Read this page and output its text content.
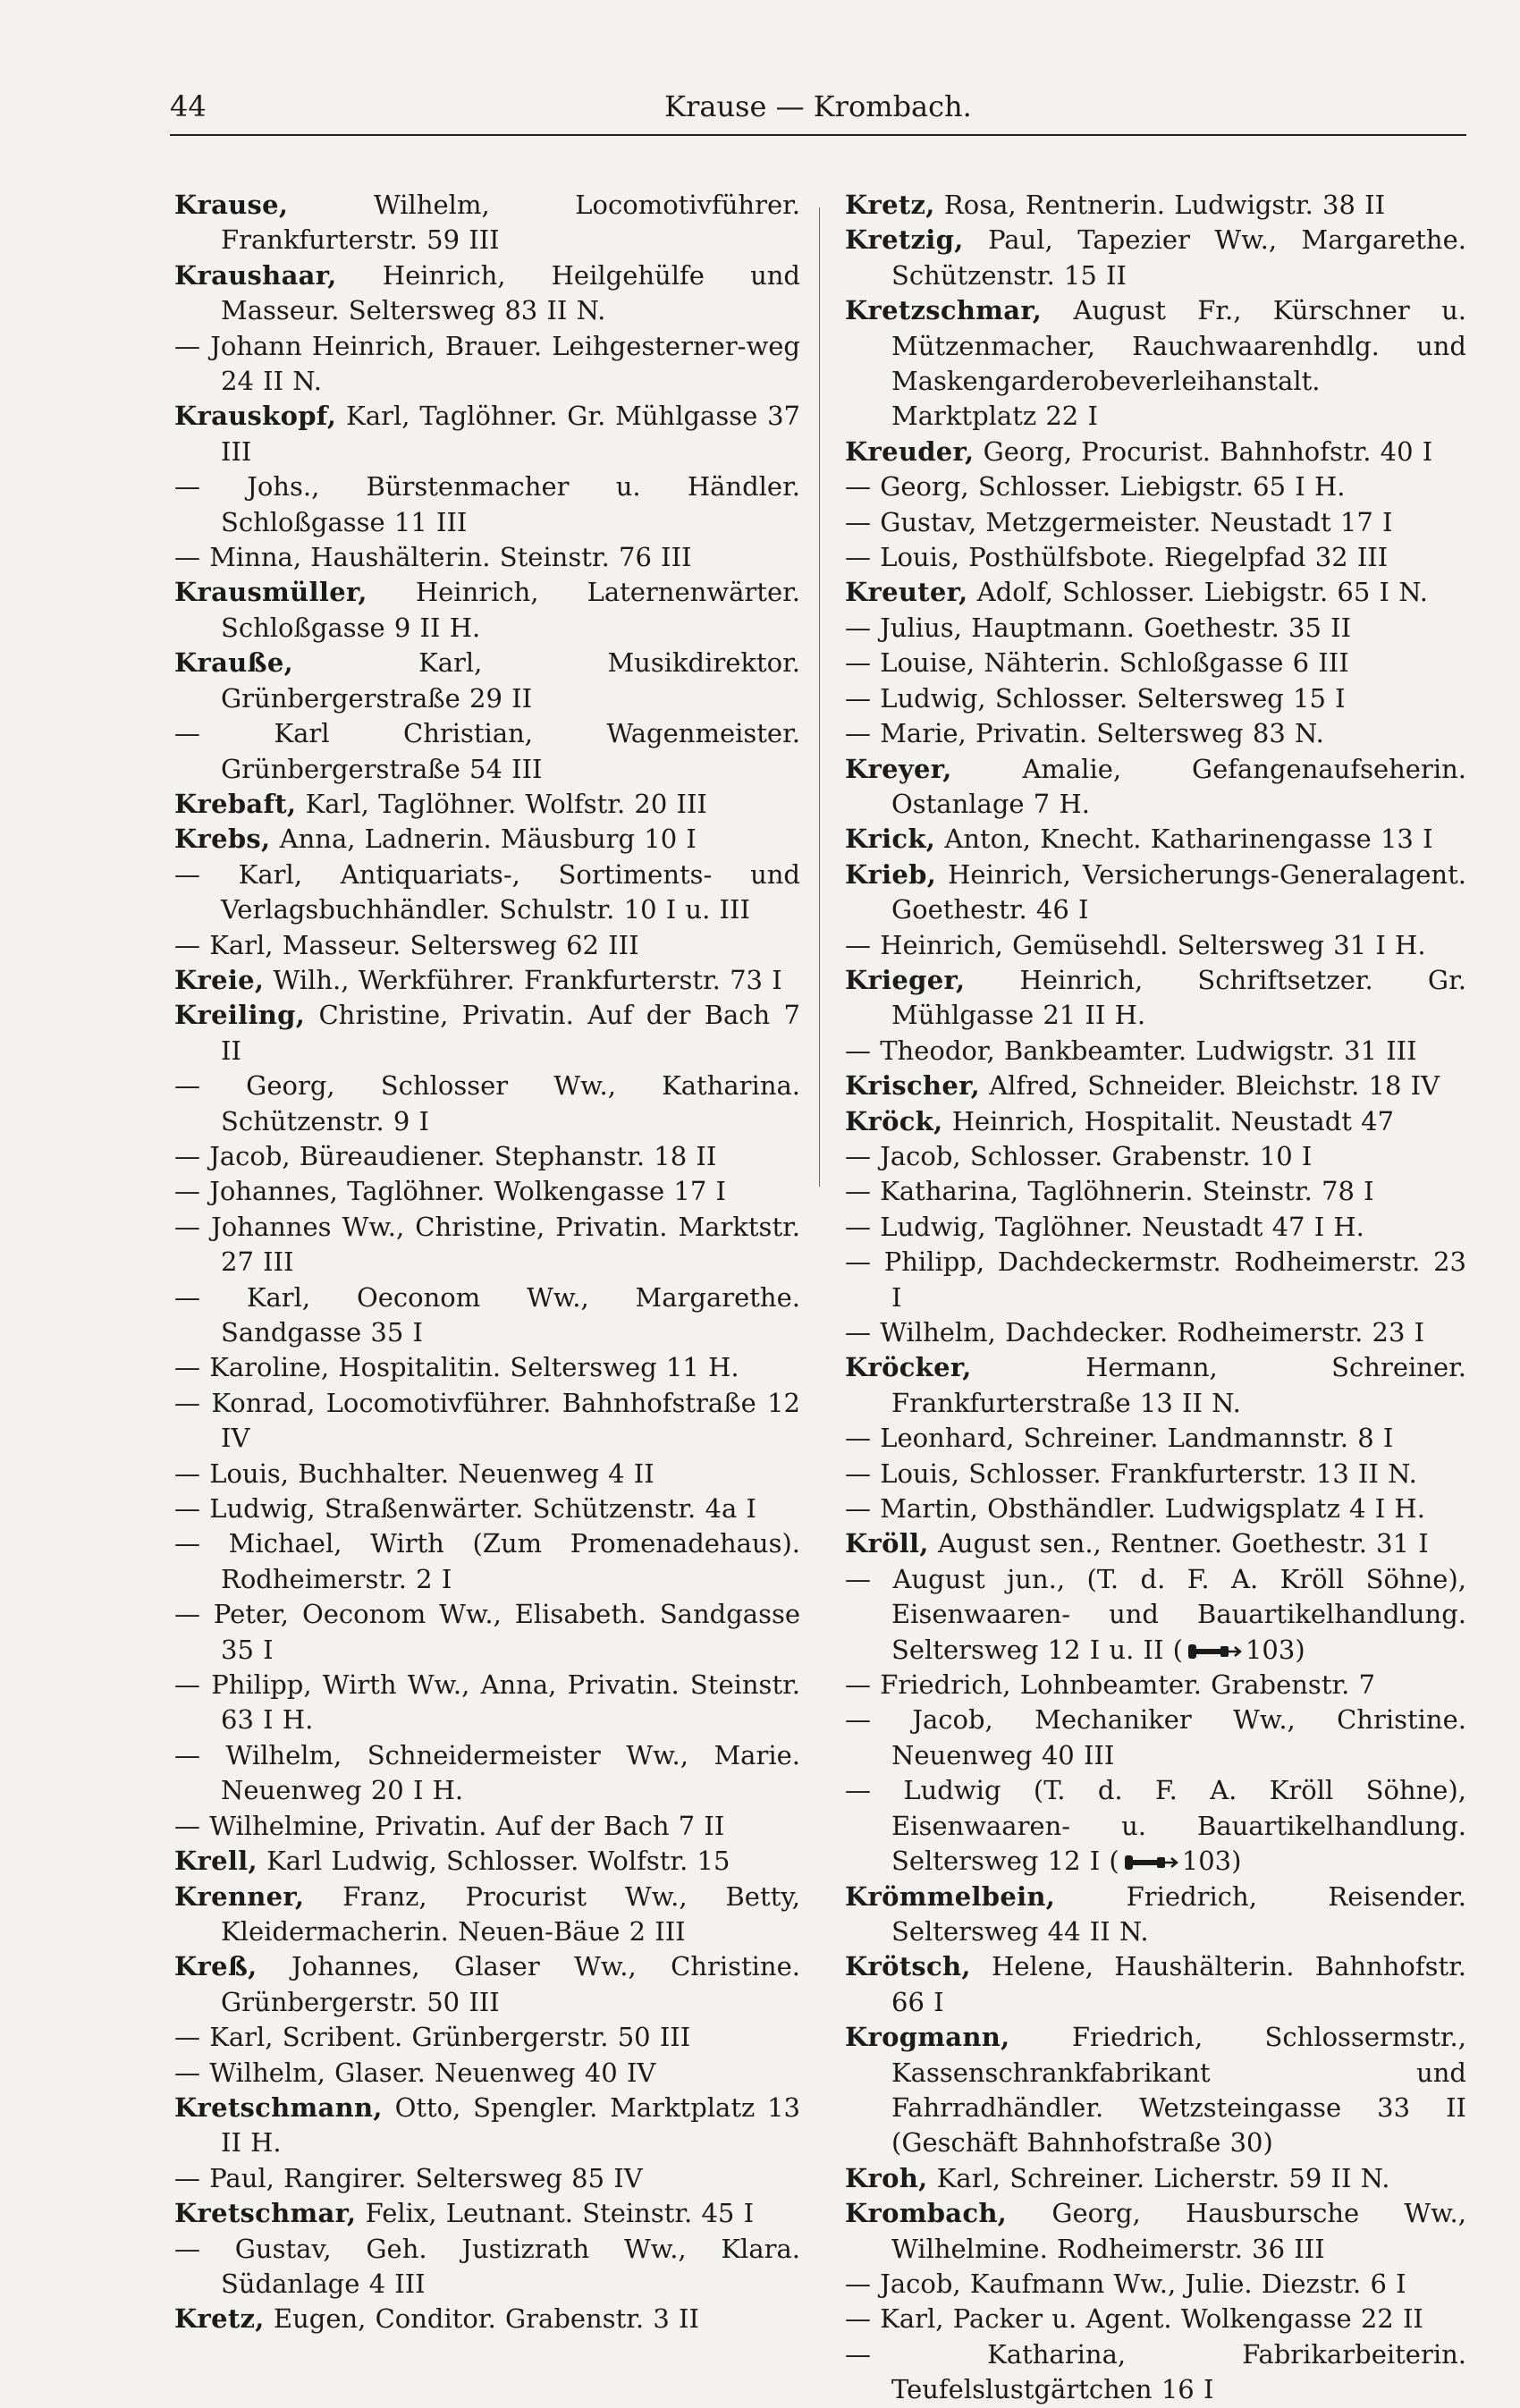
44	Krause — Krombach.

Krause, Wilhelm, Locomotivführer. Frankfurterstr. 59 III

Kraushaar, Heinrich, Heilgehülfe und Masseur. Seltersweg 83 II N.

— Johann Heinrich, Brauer. Leihgesterner-weg 24 II N.

Krauskopf, Karl, Taglöhner. Gr. Mühlgasse 37 III

— Johs., Bürstenmacher u. Händler. Schloßgasse 11 III

— Minna, Haushälterin. Steinstr. 76 III

Krausmüller, Heinrich, Laternenwärter. Schloßgasse 9 II H.

Krauße, Karl, Musikdirektor. Grünbergerstraße 29 II

— Karl Christian, Wagenmeister. Grünbergerstraße 54 III

Krebaft, Karl, Taglöhner. Wolfstr. 20 III

Krebs, Anna, Ladnerin. Mäusburg 10 I

— Karl, Antiquariats-, Sortiments- und Verlagsbuchhändler. Schulstr. 10 I u. III

— Karl, Masseur. Seltersweg 62 III

Kreie, Wilh., Werkführer. Frankfurterstr. 73 I

Kreiling, Christine, Privatin. Auf der Bach 7 II

— Georg, Schlosser Ww., Katharina. Schützenstr. 9 I

— Jacob, Büreaudiener. Stephanstr. 18 II

— Johannes, Taglöhner. Wolkengasse 17 I

— Johannes Ww., Christine, Privatin. Marktstr. 27 III

— Karl, Oeconom Ww., Margarethe. Sandgasse 35 I

— Karoline, Hospitalitin. Seltersweg 11 H.

— Konrad, Locomotivführer. Bahnhofstraße 12 IV

— Louis, Buchhalter. Neuenweg 4 II

— Ludwig, Straßenwärter. Schützenstr. 4a I

— Michael, Wirth (Zum Promenadehaus). Rodheimerstr. 2 I

— Peter, Oeconom Ww., Elisabeth. Sandgasse 35 I

— Philipp, Wirth Ww., Anna, Privatin. Steinstr. 63 I H.

— Wilhelm, Schneidermeister Ww., Marie. Neuenweg 20 I H.

— Wilhelmine, Privatin. Auf der Bach 7 II

Krell, Karl Ludwig, Schlosser. Wolfstr. 15

Krenner, Franz, Procurist Ww., Betty, Kleidermacherin. Neuen-Bäue 2 III

Kreß, Johannes, Glaser Ww., Christine. Grünbergerstr. 50 III

— Karl, Scribent. Grünbergerstr. 50 III

— Wilhelm, Glaser. Neuenweg 40 IV

Kretschmann, Otto, Spengler. Marktplatz 13 II H.

— Paul, Rangirer. Seltersweg 85 IV

Kretschmar, Felix, Leutnant. Steinstr. 45 I

— Gustav, Geh. Justizrath Ww., Klara. Südanlage 4 III

Kretz, Eugen, Conditor. Grabenstr. 3 II

Kretz, Rosa, Rentnerin. Ludwigstr. 38 II

Kretzig, Paul, Tapezier Ww., Margarethe. Schützenstr. 15 II

Kretzschmar, August Fr., Kürschner u. Mützenmacher, Rauchwaarenhdlg. und Maskengarderobeverleihanstalt. Marktplatz 22 I

Kreuder, Georg, Procurist. Bahnhofstr. 40 I

— Georg, Schlosser. Liebigstr. 65 I H.

— Gustav, Metzgermeister. Neustadt 17 I

— Louis, Posthülfsbote. Riegelpfad 32 III

Kreuter, Adolf, Schlosser. Liebigstr. 65 I N.

— Julius, Hauptmann. Goethestr. 35 II

— Louise, Nähterin. Schloßgasse 6 III

— Ludwig, Schlosser. Seltersweg 15 I

— Marie, Privatin. Seltersweg 83 N.

Kreyer, Amalie, Gefangenaufseherin. Ostanlage 7 H.

Krick, Anton, Knecht. Katharinengasse 13 I

Krieb, Heinrich, Versicherungs-Generalagent. Goethestr. 46 I

— Heinrich, Gemüsehdl. Seltersweg 31 I H.

Krieger, Heinrich, Schriftsetzer. Gr. Mühlgasse 21 II H.

— Theodor, Bankbeamter. Ludwigstr. 31 III

Krischer, Alfred, Schneider. Bleichstr. 18 IV

Kröck, Heinrich, Hospitalit. Neustadt 47

— Jacob, Schlosser. Grabenstr. 10 I

— Katharina, Taglöhnerin. Steinstr. 78 I

— Ludwig, Taglöhner. Neustadt 47 I H.

— Philipp, Dachdeckermstr. Rodheimerstr. 23 I

— Wilhelm, Dachdecker. Rodheimerstr. 23 I

Kröcker, Hermann, Schreiner. Frankfurterstraße 13 II N.

— Leonhard, Schreiner. Landmannstr. 8 I

— Louis, Schlosser. Frankfurterstr. 13 II N.

— Martin, Obsthändler. Ludwigsplatz 4 I H.

Kröll, August sen., Rentner. Goethestr. 31 I

— August jun., (T. d. F. A. Kröll Söhne), Eisenwaaren- und Bauartikelhandlung. Seltersweg 12 I u. II ( 103)

— Friedrich, Lohnbeamter. Grabenstr. 7

— Jacob, Mechaniker Ww., Christine. Neuenweg 40 III

— Ludwig (T. d. F. A. Kröll Söhne), Eisenwaaren- u. Bauartikelhandlung. Seltersweg 12 I ( 103)

Krömmelbein, Friedrich, Reisender. Seltersweg 44 II N.

Krötsch, Helene, Haushälterin. Bahnhofstr. 66 I

Krogmann, Friedrich, Schlossermstr., Kassenschrankfabrikant und Fahrradhändler. Wetzsteingasse 33 II (Geschäft Bahnhofstraße 30)

Kroh, Karl, Schreiner. Licherstr. 59 II N.

Krombach, Georg, Hausbursche Ww., Wilhelmine. Rodheimerstr. 36 III

— Jacob, Kaufmann Ww., Julie. Diezstr. 6 I

— Karl, Packer u. Agent. Wolkengasse 22 II

— Katharina, Fabrikarbeiterin. Teufelslustgärtchen 16 I
